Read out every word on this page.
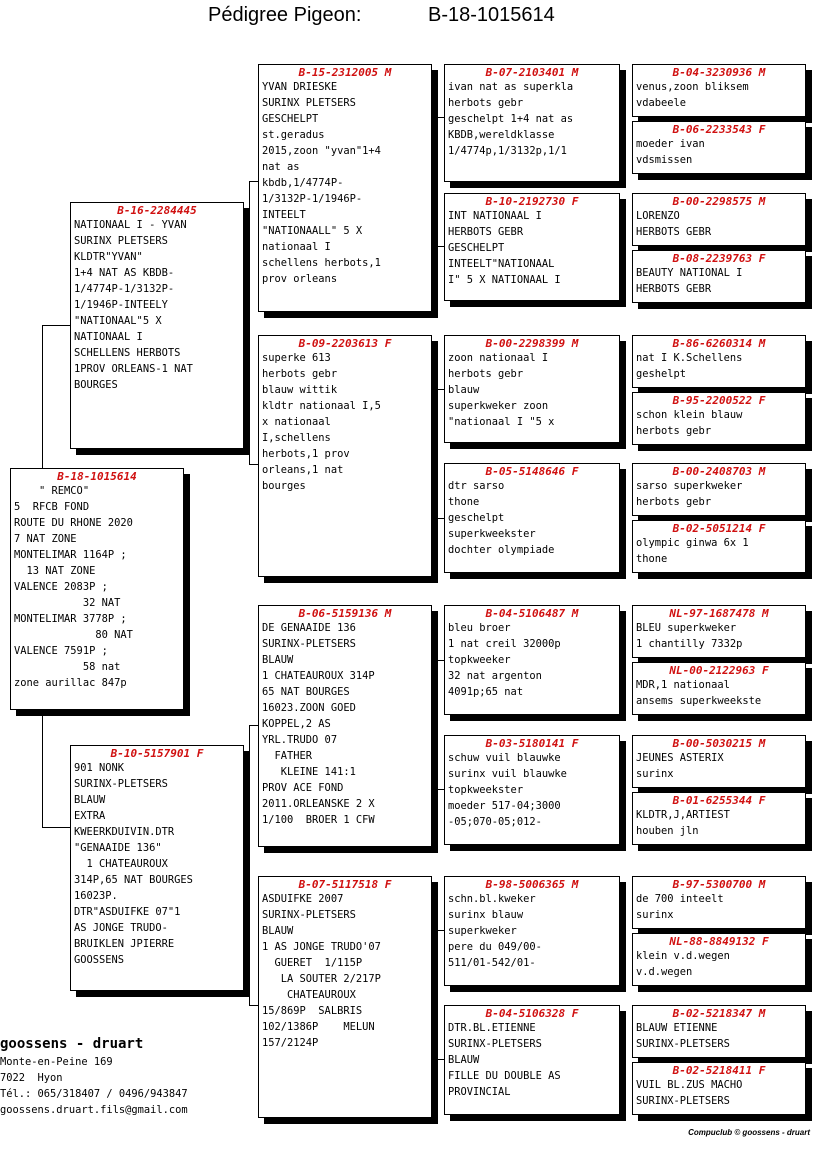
Pédigree Pigeon:	B-18-1015614
B-18-1015614
" REMCO"
5  RFCB FOND
ROUTE DU RHONE 2020
7 NAT ZONE
MONTELIMAR 1164P ;
13 NAT ZONE
VALENCE 2083P ;
32 NAT
MONTELIMAR 3778P ;
80 NAT
VALENCE 7591P ;
58 nat
zone aurillac 847p
B-16-2284445
NATIONAAL I - YVAN
SURINX PLETSERS
KLDTR"YVAN"
1+4 NAT AS KBDB-
1/4774P-1/3132P-
1/1946P-INTEELY
"NATIONAAL"5 X
NATIONAAL I
SCHELLENS HERBOTS
1PROV ORLEANS-1 NAT
BOURGES
B-10-5157901 F
901 NONK
SURINX-PLETSERS
BLAUW
EXTRA
KWEERKDUIVIN.DTR
"GENAAIDE 136"
1 CHATEAUROUX
314P,65 NAT BOURGES
16023P.
DTR"ASDUIFKE 07"1
AS JONGE TRUDO-
BRUIKLEN JPIERRE
GOOSSENS
B-15-2312005 M
YVAN DRIESKE
SURINX PLETSERS
GESCHELPT
st.geradus
2015,zoon "yvan"1+4
nat as
kbdb,1/4774P-
1/3132P-1/1946P-
INTEELT
"NATIONAALL" 5 X
nationaal I
schellens herbots,1
prov orleans
B-09-2203613 F
superke 613
herbots gebr
blauw wittik
kldtr nationaal I,5
x nationaal
I,schellens
herbots,1 prov
orleans,1 nat
bourges
B-06-5159136 M
DE GENAAIDE 136
SURINX-PLETSERS
BLAUW
1 CHATEAUROUX 314P
65 NAT BOURGES
16023.ZOON GOED
KOPPEL,2 AS
YRL.TRUDO 07
FATHER
KLEINE 141:1
PROV ACE FOND
2011.ORLEANSKE 2 X
1/100  BROER 1 CFW
B-07-5117518 F
ASDUIFKE 2007
SURINX-PLETSERS
BLAUW
1 AS JONGE TRUDO'07
GUERET  1/115P
LA SOUTER 2/217P
CHATEAUROUX
15/869P  SALBRIS
102/1386P    MELUN
157/2124P
B-07-2103401 M
ivan nat as superkla
herbots gebr
geschelpt 1+4 nat as
KBDB,wereldklasse
1/4774p,1/3132p,1/1
B-10-2192730 F
INT NATIONAAL I
HERBOTS GEBR
GESCHELPT
INTEELT"NATIONAAL
I" 5 X NATIONAAL I
B-00-2298399 M
zoon nationaal I
herbots gebr
blauw
superkweker zoon
"nationaal I "5 x
B-05-5148646 F
dtr sarso
thone
geschelpt
superkweekster
dochter olympiade
B-04-5106487 M
bleu broer
1 nat creil 32000p
topkweeker
32 nat argenton
4091p;65 nat
B-03-5180141 F
schuw vuil blauwke
surinx vuil blauwke
topkweekster
moeder 517-04;3000
-05;070-05;012-
B-98-5006365 M
schn.bl.kweker
surinx blauw
superkweker
pere du 049/00-
511/01-542/01-
B-04-5106328 F
DTR.BL.ETIENNE
SURINX-PLETSERS
BLAUW
FILLE DU DOUBLE AS
PROVINCIAL
B-04-3230936 M
venus,zoon bliksem
vdabeele
B-06-2233543 F
moeder ivan
vdsmissen
B-00-2298575 M
LORENZO
HERBOTS GEBR
B-08-2239763 F
BEAUTY NATIONAL I
HERBOTS GEBR
B-86-6260314 M
nat I K.Schellens
geshelpt
B-95-2200522 F
schon klein blauw
herbots gebr
B-00-2408703 M
sarso superkweker
herbots gebr
B-02-5051214 F
olympic ginwa 6x 1
thone
NL-97-1687478 M
BLEU superkweker
1 chantilly 7332p
NL-00-2122963 F
MDR,1 nationaal
ansems superkweekste
B-00-5030215 M
JEUNES ASTERIX
surinx
B-01-6255344 F
KLDTR,J,ARTIEST
houben jln
B-97-5300700 M
de 700 inteelt
surinx
NL-88-8849132 F
klein v.d.wegen
v.d.wegen
B-02-5218347 M
BLAUW ETIENNE
SURINX-PLETSERS
B-02-5218411 F
VUIL BL.ZUS MACHO
SURINX-PLETSERS
goossens - druart
Monte-en-Peine 169
7022  Hyon
Tél.: 065/318407 / 0496/943847
goossens.druart.fils@gmail.com
Compuclub © goossens - druart
